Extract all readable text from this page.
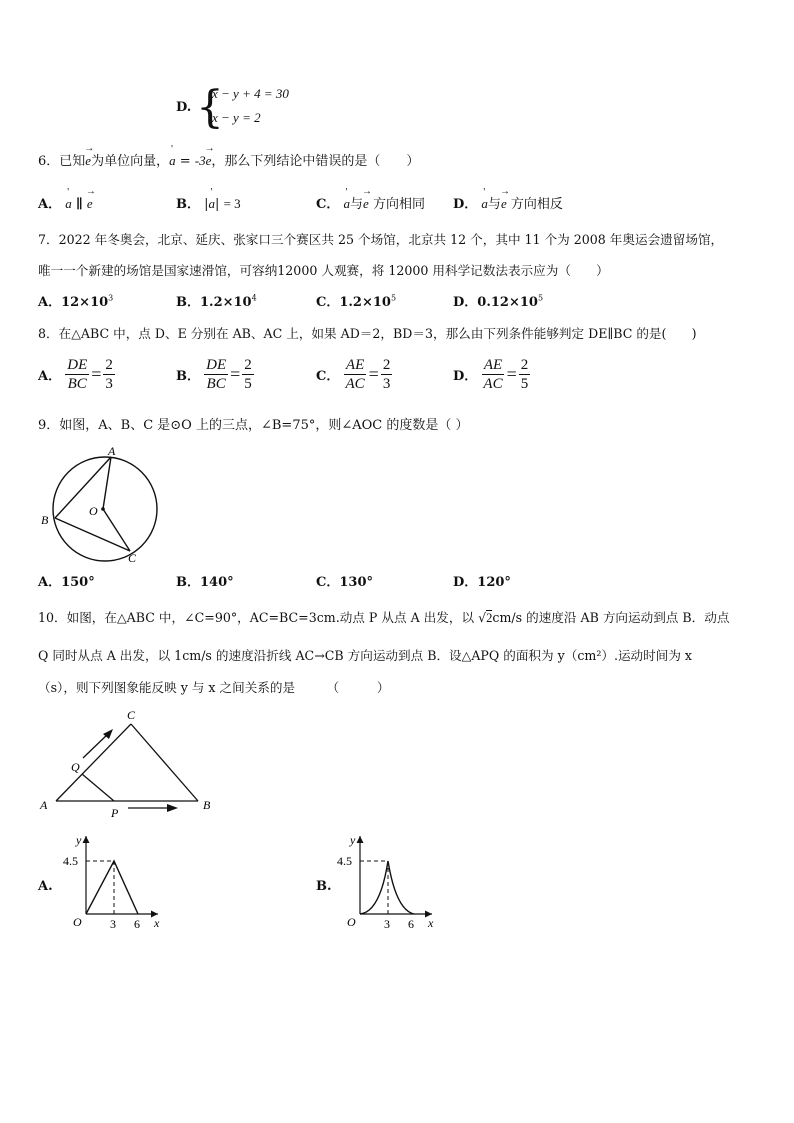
D. {
x − y + 4 = 30
x − y = 2
6．已知→ e为单位向量，' a = -3→ e，那么下列结论中错误的是（　　）
A． ' a ∥ → e	B． |' a| = 3	C． ' a与→ e 方向相同 D． ' a与→ e 方向相反
7．2022 年冬奥会，北京、延庆、张家口三个赛区共 25 个场馆，北京共 12 个，其中 11 个为 2008 年奥运会遗留场馆，
唯一一个新建的场馆是国家速滑馆，可容纳12000 人观赛，将 12000 用科学记数法表示应为（　　）
A．$12\times 10^3$	B．$1.2\times 10^4$	C．$1.2\times 10^5$	D．$0.12\times 10^5$
8．在△ABC 中，点 D、E 分别在 AB、AC 上，如果 AD＝2，BD＝3，那么由下列条件能够判定 DE∥BC 的是(　　)
A． $\frac{DE}{BC} = \frac{2}{3}$	B． $\frac{DE}{BC} = \frac{2}{5}$	C． $\frac{AE}{AC} = \frac{2}{3}$	D． $\frac{AE}{AC} = \frac{2}{5}$
9．如图，A、B、C 是⊙O 上的三点，∠B=75°，则∠AOC 的度数是（ ）
A
B
C
O
A．150°	B．140°	C．130°	D．120°
10．如图，在△ABC 中，∠C=90°，AC=BC=3cm.动点 P 从点 A 出发，以 √2cm/s 的速度沿 AB 方向运动到点 B．动点
Q 同时从点 A 出发，以 1cm/s 的速度沿折线 AC→CB 方向运动到点 B．设△APQ 的面积为 y（cm²）.运动时间为 x
（s），则下列图象能反映 y 与 x 之间关系的是　　　（　　　）
A	B
C
P
Q
A.
y
x
O
4.5
3 6
B.
y
x
O
4.5
3 6
